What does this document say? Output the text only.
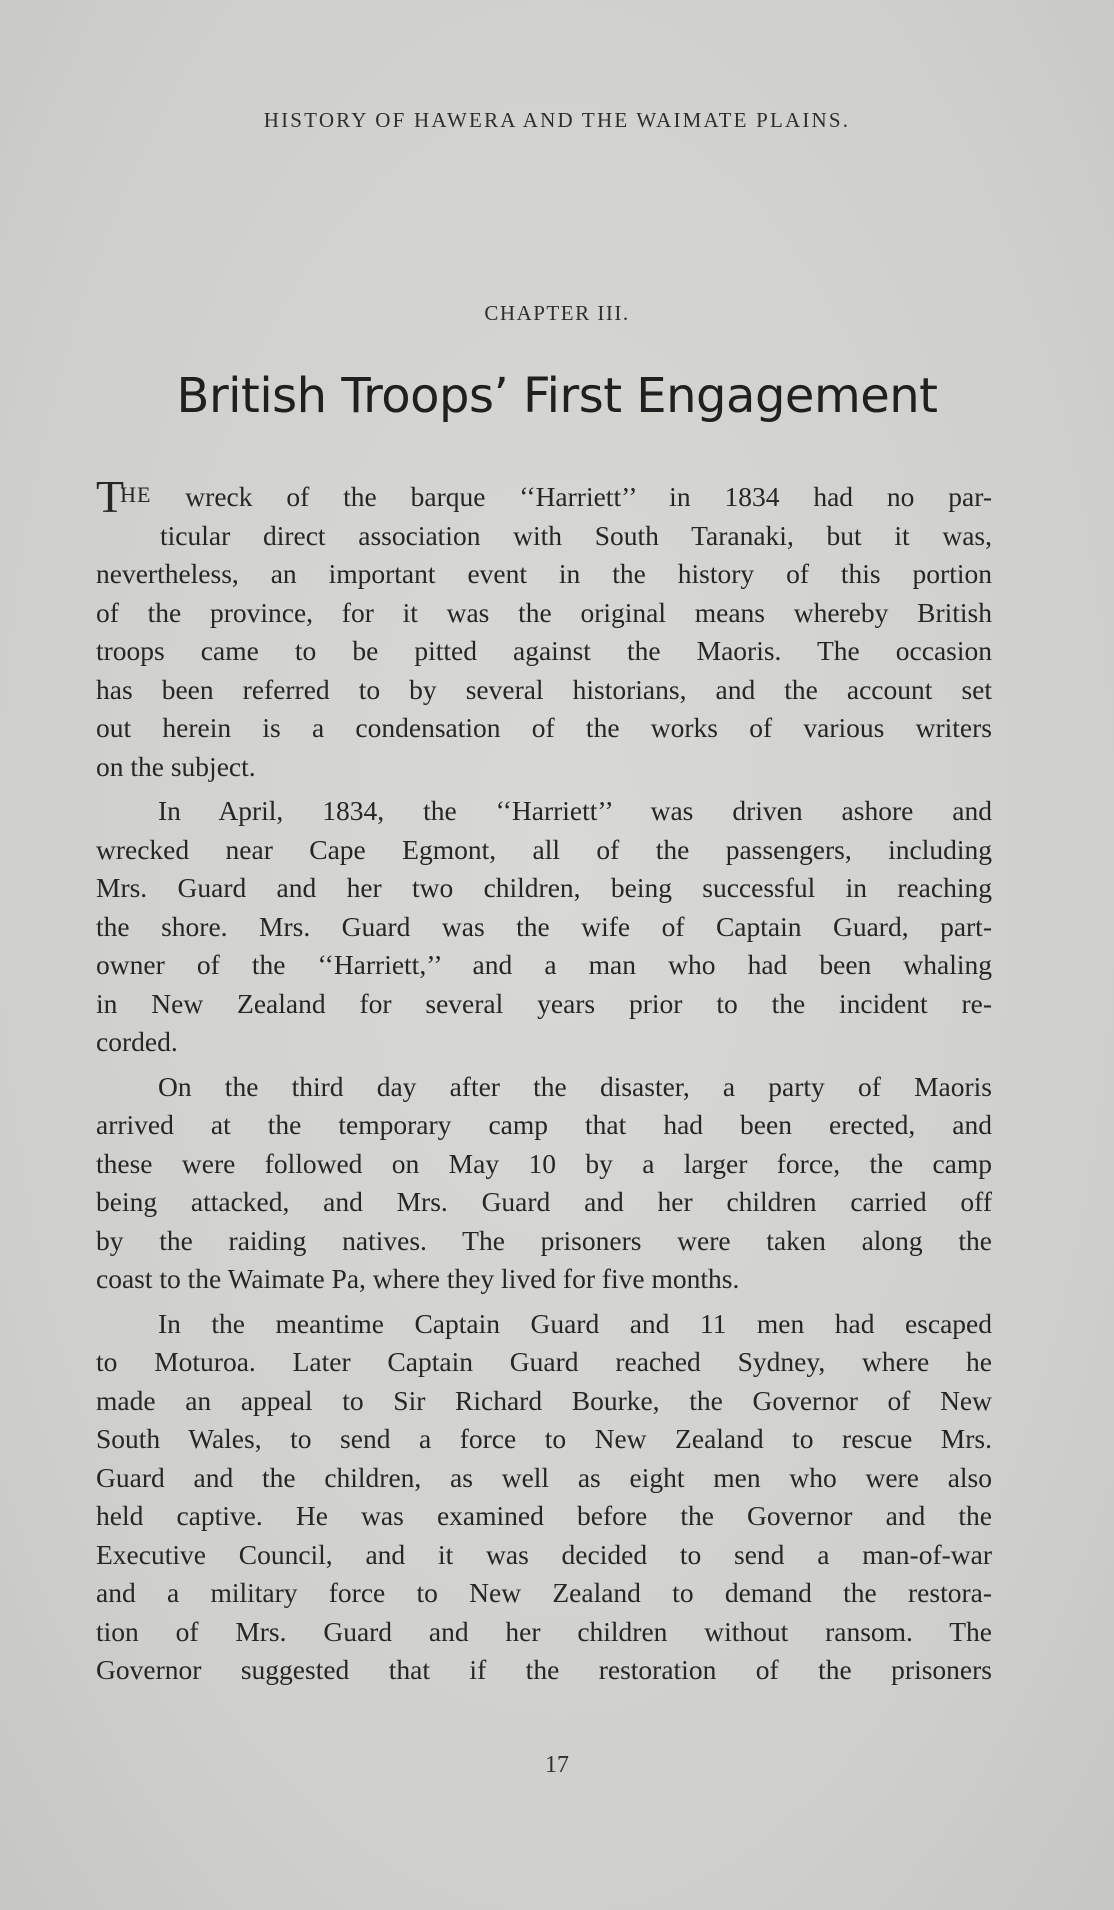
HISTORY OF HAWERA AND THE WAIMATE PLAINS.
CHAPTER III.
British Troops’ First Engagement

THE wreck of the barque ‘‘Harriett’’ in 1834 had no par-
ticular direct association with South Taranaki, but it was,
nevertheless, an important event in the history of this portion
of the province, for it was the original means whereby British
troops came to be pitted against the Maoris. The occasion
has been referred to by several historians, and the account set
out herein is a condensation of the works of various writers
on the subject.

In April, 1834, the ‘‘Harriett’’ was driven ashore and
wrecked near Cape Egmont, all of the passengers, including
Mrs. Guard and her two children, being successful in reaching
the shore. Mrs. Guard was the wife of Captain Guard, part-
owner of the ‘‘Harriett,’’ and a man who had been whaling
in New Zealand for several years prior to the incident re-
corded.

On the third day after the disaster, a party of Maoris
arrived at the temporary camp that had been erected, and
these were followed on May 10 by a larger force, the camp
being attacked, and Mrs. Guard and her children carried off
by the raiding natives. The prisoners were taken along the
coast to the Waimate Pa, where they lived for five months.

In the meantime Captain Guard and 11 men had escaped
to Moturoa. Later Captain Guard reached Sydney, where he
made an appeal to Sir Richard Bourke, the Governor of New
South Wales, to send a force to New Zealand to rescue Mrs.
Guard and the children, as well as eight men who were also
held captive. He was examined before the Governor and the
Executive Council, and it was decided to send a man-of-war
and a military force to New Zealand to demand the restora-
tion of Mrs. Guard and her children without ransom. The
Governor suggested that if the restoration of the prisoners

17
